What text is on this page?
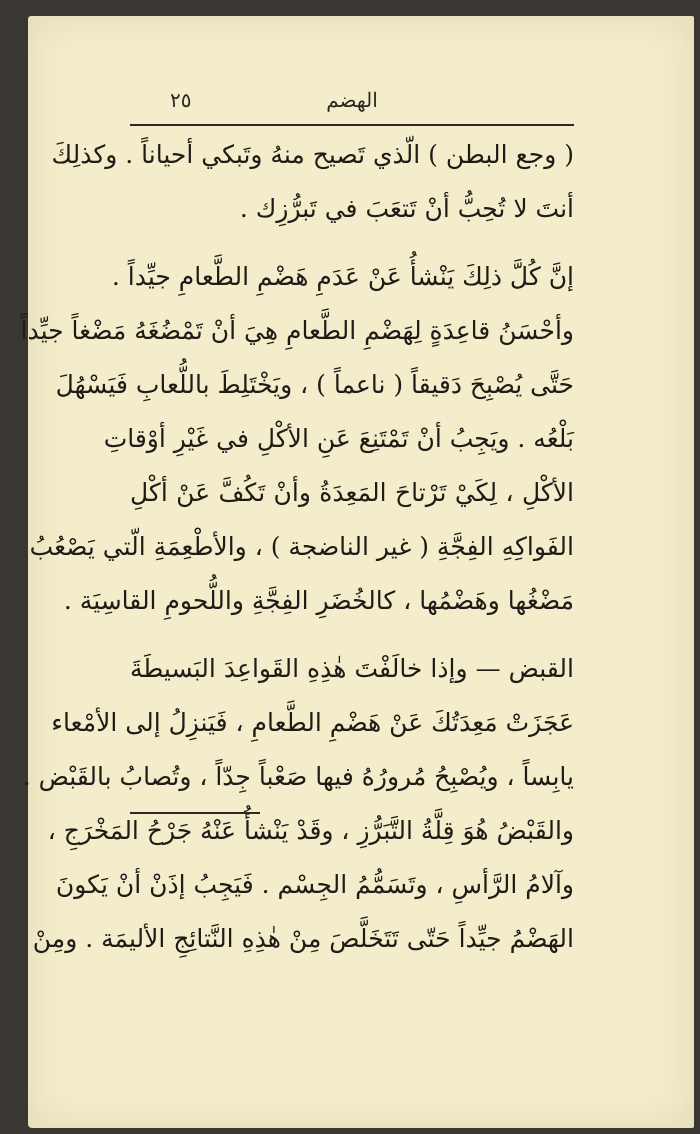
الهضم
٢٥
( وجع البطن ) الّذي تَصيح منهُ وتَبكي أحياناً . وكذلِكَ
أنتَ لا تُحِبُّ أنْ تَتعَبَ في تَبرُّزِك .
إنَّ كُلَّ ذلِكَ يَنْشأُ عَنْ عَدَمِ هَضْمِ الطَّعامِ جيِّداً .
وأحْسَنُ قاعِدَةٍ لِهَضْمِ الطَّعامِ هِيَ أنْ تَمْضُغَهُ مَضْغاً جيِّداً
حَتَّى يُصْبِحَ دَقيقاً ( ناعماً ) ، ويَخْتَلِطَ باللُّعابِ فَيَسْهُلَ
بَلْعُه . ويَجِبُ أنْ تَمْتَنِعَ عَنِ الأكْلِ في غَيْرِ أوْقاتِ
الأكْلِ ، لِكَيْ تَرْتاحَ المَعِدَةُ وأنْ تَكُفَّ عَنْ أكْلِ
الفَواكِهِ الفِجَّةِ ( غير الناضجة ) ، والأطْعِمَةِ الّتي يَصْعُبُ
مَضْغُها وهَضْمُها ، كالخُضَرِ الفِجَّةِ واللُّحومِ القاسِيَة .
القبض — وإذا خالَفْتَ هٰذِهِ القَواعِدَ البَسيطَةَ
عَجَزَتْ مَعِدَتُكَ عَنْ هَضْمِ الطَّعامِ ، فَيَنزِلُ إلى الأمْعاء
يابِساً ، ويُصْبِحُ مُرورُهُ فيها صَعْباً جِدّاً ، وتُصابُ بالقَبْض .
والقَبْضُ هُوَ قِلَّةُ التَّبَرُّزِ ، وقَدْ يَنْشأُ عَنْهُ جَرْحُ المَخْرَجِ ،
وآلامُ الرَّأسِ ، وتَسَمُّمُ الجِسْم . فَيَجِبُ إذَنْ أنْ يَكونَ
الهَضْمُ جيِّداً حَتّى تَتَخَلَّصَ مِنْ هٰذِهِ النَّتائِجِ الأليمَة . ومِنْ
